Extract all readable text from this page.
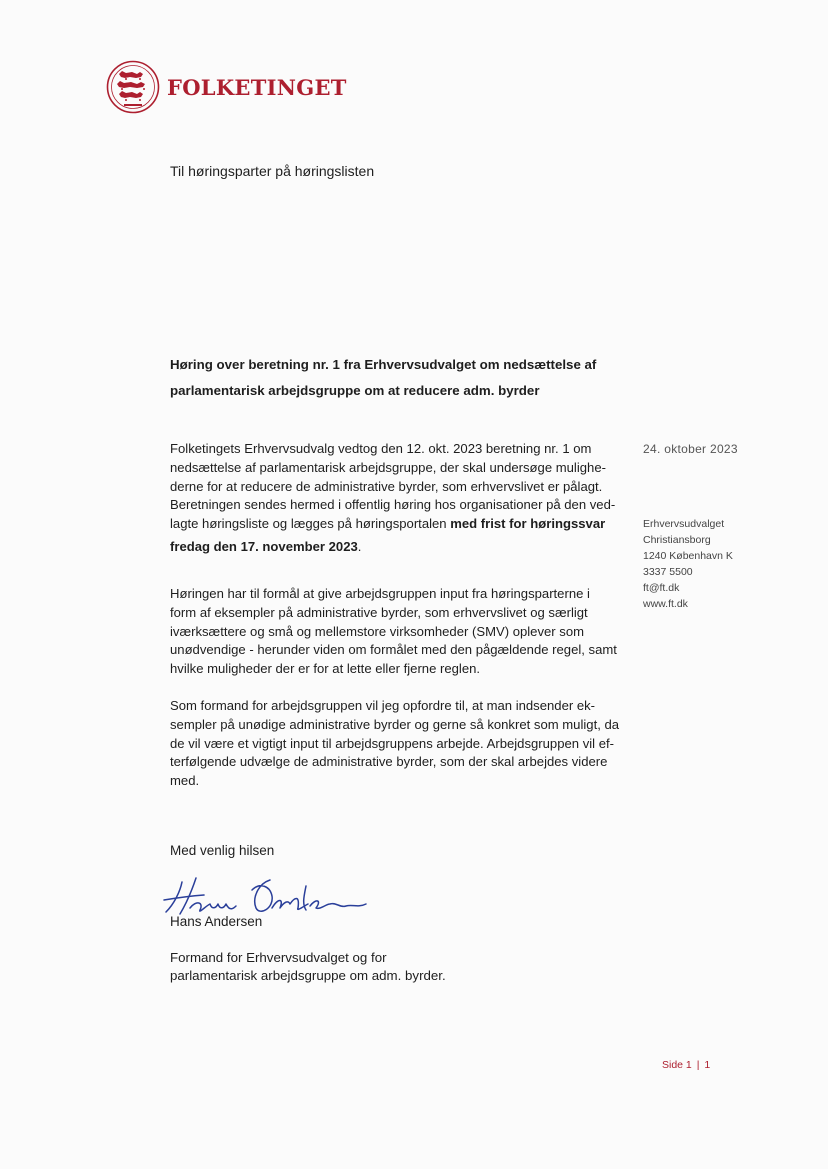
FOLKETINGET
Til høringsparter på høringslisten
Høring over beretning nr. 1 fra Erhvervsudvalget om nedsættelse af
parlamentarisk arbejdsgruppe om at reducere adm. byrder

Folketingets Erhvervsudvalg vedtog den 12. okt. 2023 beretning nr. 1 om
nedsættelse af parlamentarisk arbejdsgruppe, der skal undersøge mulighe-
derne for at reducere de administrative byrder, som erhvervslivet er pålagt.
Beretningen sendes hermed i offentlig høring hos organisationer på den ved-
lagte høringsliste og lægges på høringsportalen med frist for høringssvar
fredag den 17. november 2023.

Høringen har til formål at give arbejdsgruppen input fra høringsparterne i
form af eksempler på administrative byrder, som erhvervslivet og særligt
iværksættere og små og mellemstore virksomheder (SMV) oplever som
unødvendige - herunder viden om formålet med den pågældende regel, samt
hvilke muligheder der er for at lette eller fjerne reglen.

Som formand for arbejdsgruppen vil jeg opfordre til, at man indsender ek-
sempler på unødige administrative byrder og gerne så konkret som muligt, da
de vil være et vigtigt input til arbejdsgruppens arbejde. Arbejdsgruppen vil ef-
terfølgende udvælge de administrative byrder, som der skal arbejdes videre
med.

24. oktober 2023
Erhvervsudvalget
Christiansborg
1240 København K
3337 5500
ft@ft.dk
www.ft.dk
Med venlig hilsen
Hans Andersen
Formand for Erhvervsudvalget og for
parlamentarisk arbejdsgruppe om adm. byrder.
Side 1 | 1
